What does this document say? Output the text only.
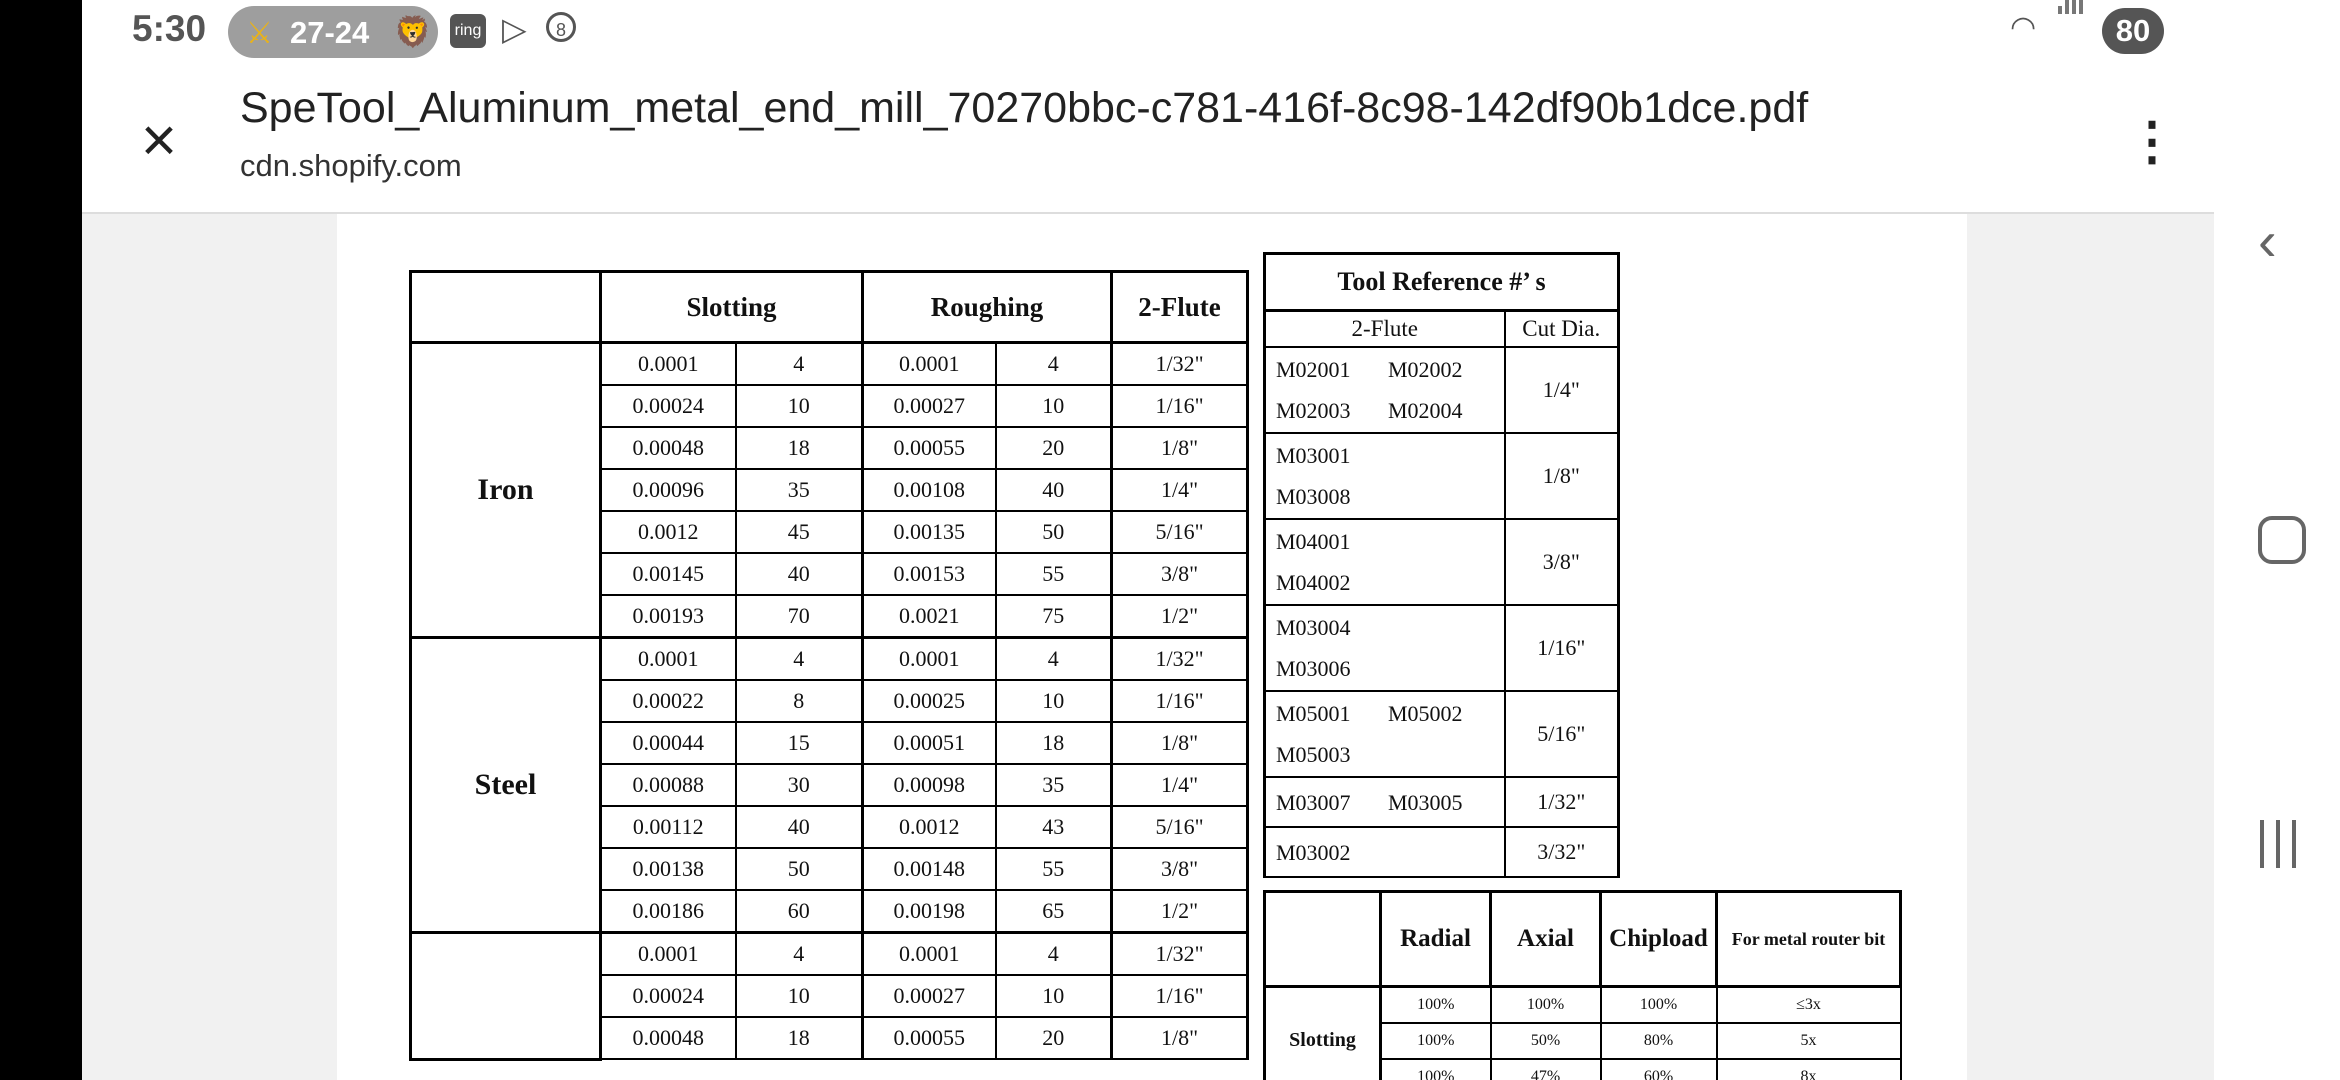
5:30 ⚔ 27-24 🦁 ring ▷	8	◠	80
×	SpeTool_Aluminum_metal_end_mill_70270bbc-c781-416f-8c98-142df90b1dce.pdf
cdn.shopify.com	⋮
	Slotting		Roughing		2-Flute
Iron	0.0001	4	0.0001	4	1/32"
	0.00024	10	0.00027	10	1/16"
	0.00048	18	0.00055	20	1/8"
	0.00096	35	0.00108	40	1/4"
	0.0012	45	0.00135	50	5/16"
	0.00145	40	0.00153	55	3/8"
	0.00193	70	0.0021	75	1/2"
Steel	0.0001	4	0.0001	4	1/32"
	0.00022	8	0.00025	10	1/16"
	0.00044	15	0.00051	18	1/8"
	0.00088	30	0.00098	35	1/4"
	0.00112	40	0.0012	43	5/16"
	0.00138	50	0.00148	55	3/8"
	0.00186	60	0.00198	65	1/2"
	0.0001	4	0.0001	4	1/32"
	0.00024	10	0.00027	10	1/16"
	0.00048	18	0.00055	20	1/8"
Tool Reference #’ s	
2-Flute	Cut Dia.

M02001 M02002
M02003 M02004	1/4"

M03001
M03008	1/8"

M04001
M04002	3/8"

M03004
M03006	1/16"

M05001 M05002
M05003	5/16"

M03007 M03005	1/32"

M03002	3/32"
	Radial	Axial	Chipload	For metal router bit
Slotting	100%	100%	100%	≤3x
	100%	50%	80%	5x
	100%	47%	60%	8x
‹
